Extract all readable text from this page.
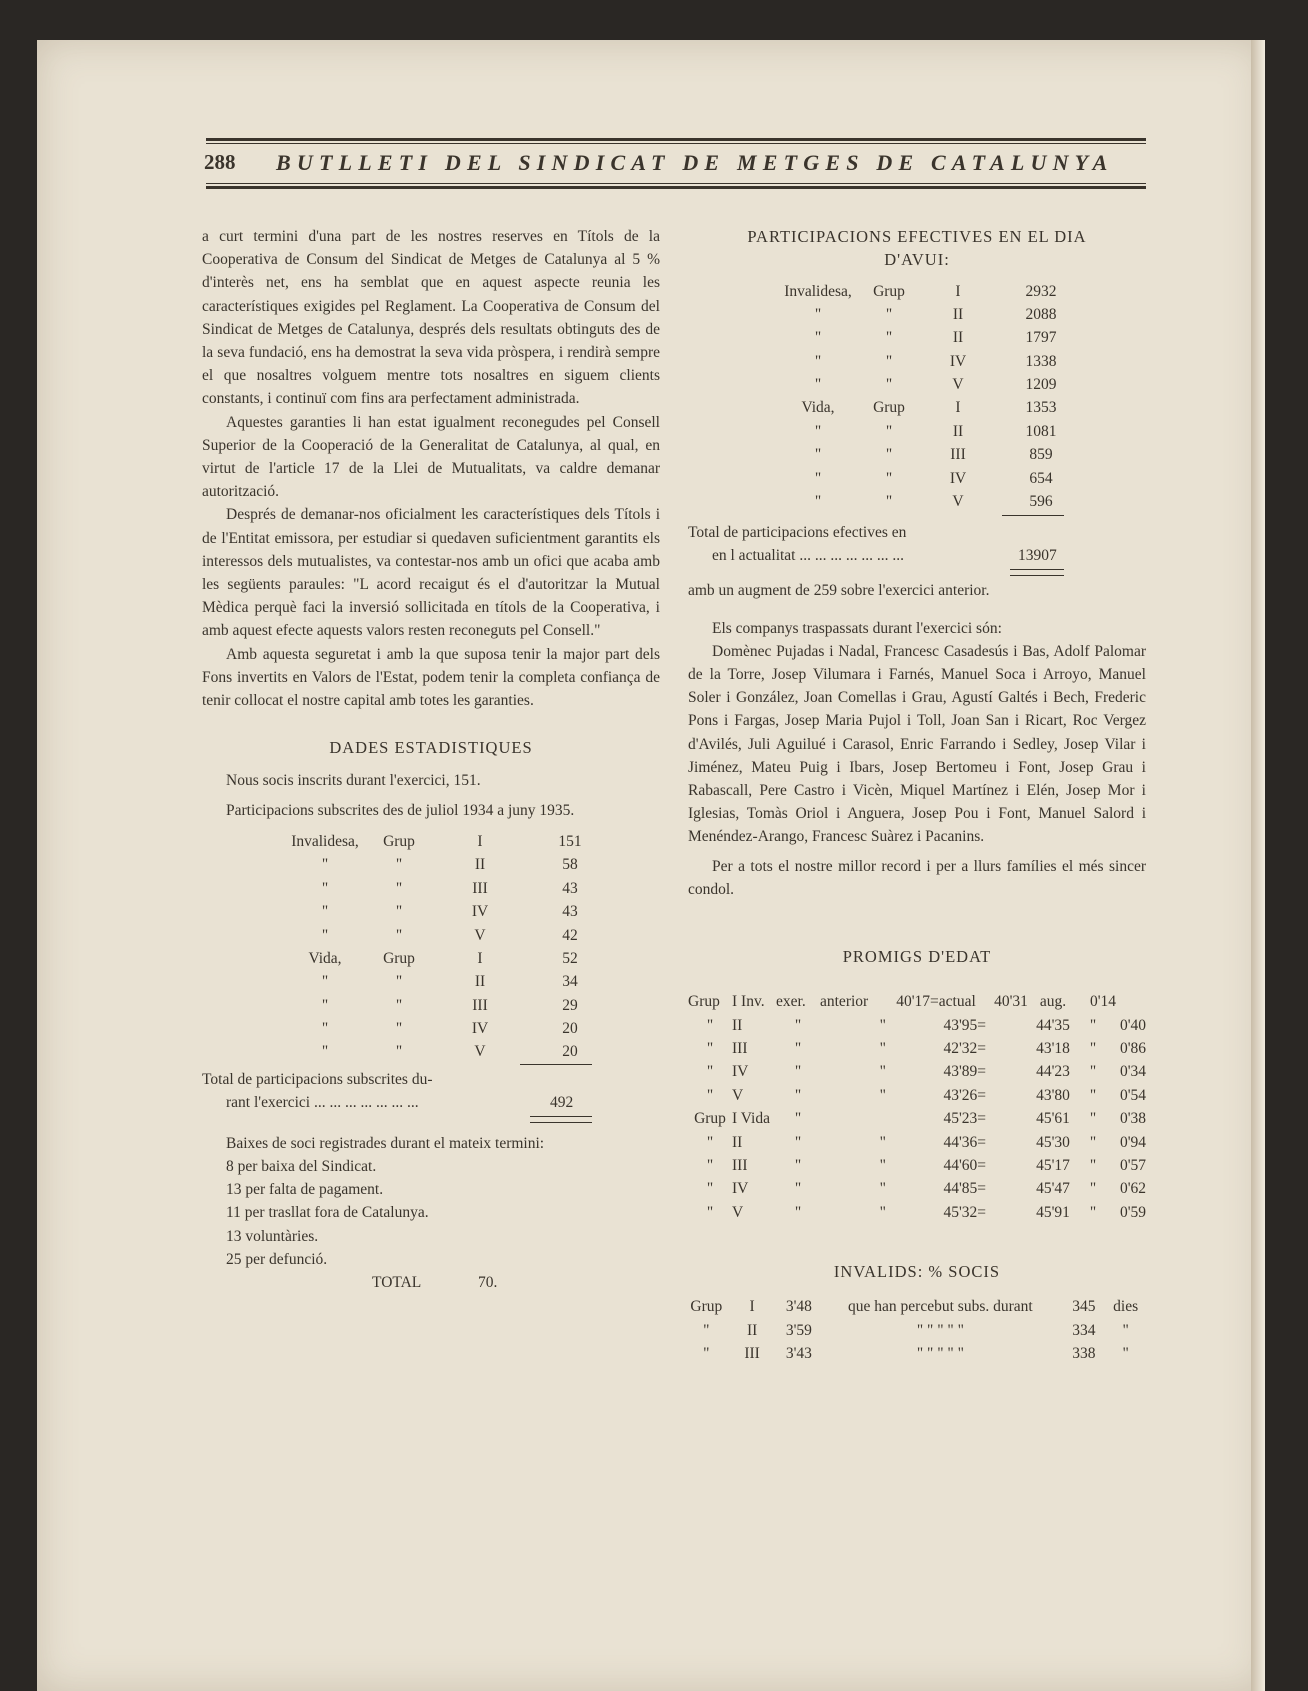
288 BUTLLETI DEL SINDICAT DE METGES DE CATALUNYA

a curt termini d'una part de les nostres reserves en Títols de la Cooperativa de Consum del Sindicat de Metges de Catalunya al 5 % d'interès net, ens ha semblat que en aquest aspecte reunia les característiques exigides pel Reglament. La Cooperativa de Consum del Sindicat de Metges de Catalunya, després dels resultats obtinguts des de la seva fundació, ens ha demostrat la seva vida pròspera, i rendirà sempre el que nosaltres volguem mentre tots nosaltres en siguem clients constants, i continuï com fins ara perfectament administrada.

Aquestes garanties li han estat igualment reconegudes pel Consell Superior de la Cooperació de la Generalitat de Catalunya, al qual, en virtut de l'article 17 de la Llei de Mutualitats, va caldre demanar autorització.

Després de demanar-nos oficialment les característiques dels Títols i de l'Entitat emissora, per estudiar si quedaven suficientment garantits els interessos dels mutualistes, va contestar-nos amb un ofici que acaba amb les següents paraules: "L acord recaigut és el d'autoritzar la Mutual Mèdica perquè faci la inversió sollicitada en títols de la Cooperativa, i amb aquest efecte aquests valors resten reconeguts pel Consell."

Amb aquesta seguretat i amb la que suposa tenir la major part dels Fons invertits en Valors de l'Estat, podem tenir la completa confiança de tenir collocat el nostre capital amb totes les garanties.

DADES ESTADISTIQUES

Nous socis inscrits durant l'exercici, 151.

Participacions subscrites des de juliol 1934 a juny 1935.

Invalidesa,	Grup	I	151
"	"	II	58
"	"	III	43
"	"	IV	43
"	"	V	42
Vida,	Grup	I	52
"	"	II	34
"	"	III	29
"	"	IV	20
"	"	V	20
Total de participacions subscrites du-
rant l'exercici ... ... ... ... ... ... ...	492

Baixes de soci registrades durant el mateix termini:

8 per baixa del Sindicat.
13 per falta de pagament.
11 per trasllat fora de Catalunya.
13 voluntàries.
25 per defunció.
TOTAL	70.
PARTICIPACIONS EFECTIVES EN EL DIA
D'AVUI:
Invalidesa,	Grup	I	2932
"	"	II	2088
"	"	II	1797
"	"	IV	1338
"	"	V	1209
Vida,	Grup	I	1353
"	"	II	1081
"	"	III	859
"	"	IV	654
"	"	V	596
Total de participacions efectives en
en l actualitat ... ... ... ... ... ... ...	13907

amb un augment de 259 sobre l'exercici anterior.

Els companys traspassats durant l'exercici són:

Domènec Pujadas i Nadal, Francesc Casadesús i Bas, Adolf Palomar de la Torre, Josep Vilumara i Farnés, Manuel Soca i Arroyo, Manuel Soler i González, Joan Comellas i Grau, Agustí Galtés i Bech, Frederic Pons i Fargas, Josep Maria Pujol i Toll, Joan San i Ricart, Roc Vergez d'Avilés, Juli Aguilué i Carasol, Enric Farrando i Sedley, Josep Vilar i Jiménez, Mateu Puig i Ibars, Josep Bertomeu i Font, Josep Grau i Rabascall, Pere Castro i Vicèn, Miquel Martínez i Elén, Josep Mor i Iglesias, Tomàs Oriol i Anguera, Josep Pou i Font, Manuel Salord i Menéndez-Arango, Francesc Suàrez i Pacanins.

Per a tots el nostre millor record i per a llurs famílies el més sincer condol.

PROMIGS D'EDAT
Grup	I Inv.	exer.	anterior	40'17=actual	40'31	aug.	0'14
"	II	"	"	43'95=	44'35	"	0'40
"	III	"	"	42'32=	43'18	"	0'86
"	IV	"	"	43'89=	44'23	"	0'34
"	V	"	"	43'26=	43'80	"	0'54
Grup	I Vida	"		45'23=	45'61	"	0'38
"	II	"	"	44'36=	45'30	"	0'94
"	III	"	"	44'60=	45'17	"	0'57
"	IV	"	"	44'85=	45'47	"	0'62
"	V	"	"	45'32=	45'91	"	0'59
INVALIDS: % SOCIS
Grup	I	3'48	que han percebut subs. durant	345	dies
"	II	3'59	" " " " "	334	"
"	III	3'43	" " " " "	338	"
